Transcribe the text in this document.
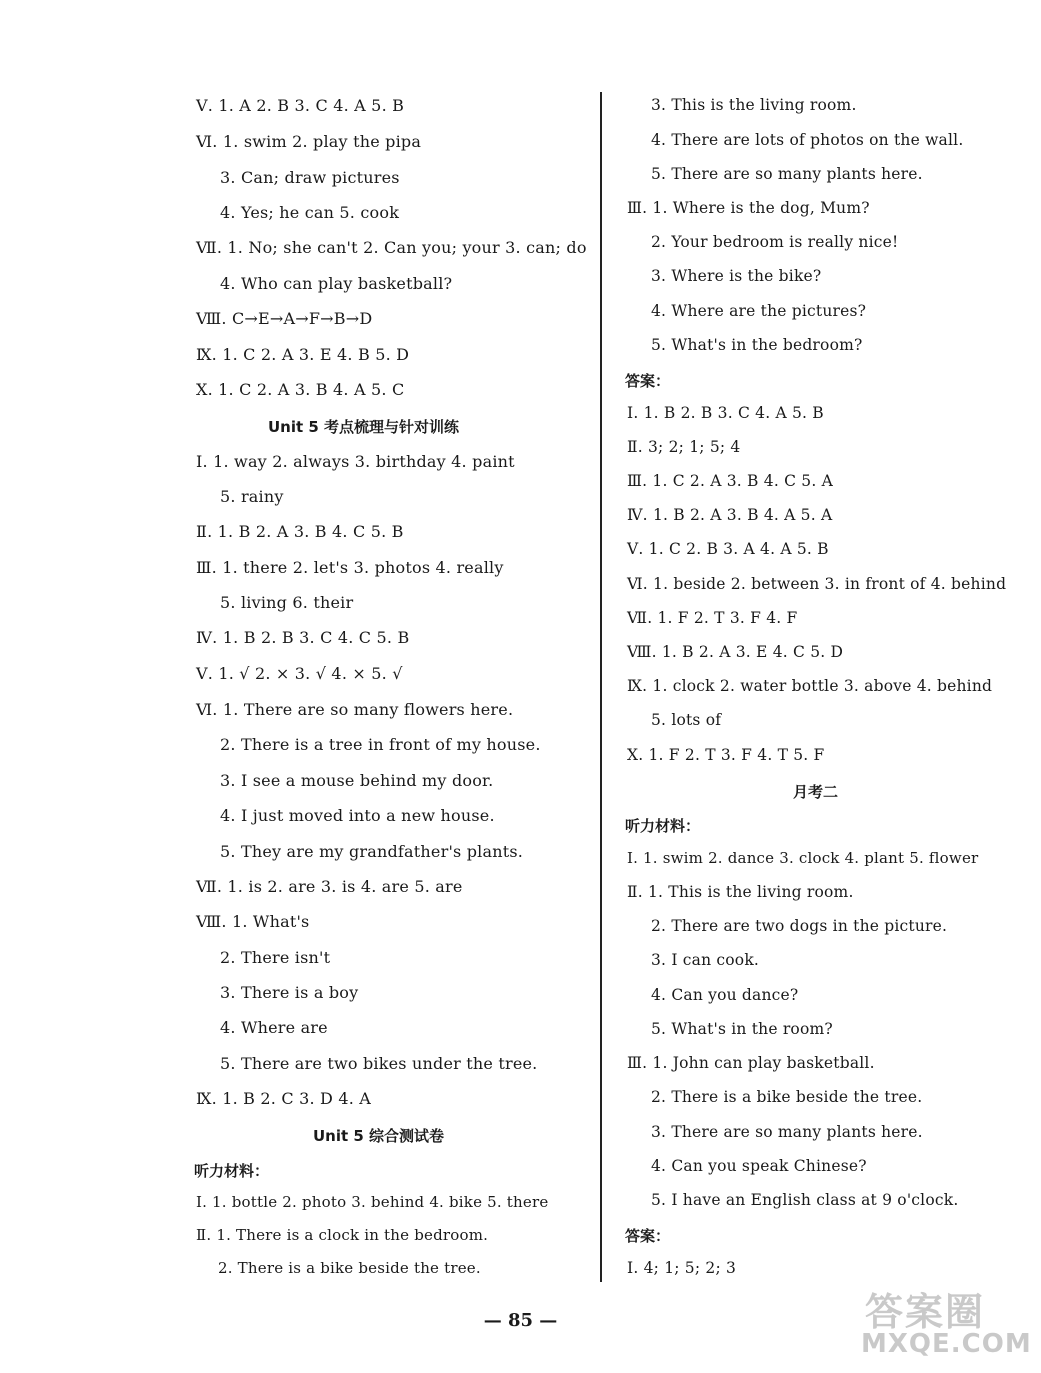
Ⅴ. 1. A 2. B 3. C 4. A 5. B
Ⅵ. 1. swim 2. play the pipa
3. Can; draw pictures
4. Yes; he can 5. cook
Ⅶ. 1. No; she can't 2. Can you; your 3. can; do
4. Who can play basketball?
Ⅷ. C→E→A→F→B→D
Ⅸ. 1. C 2. A 3. E 4. B 5. D
Ⅹ. 1. C 2. A 3. B 4. A 5. C
Unit 5 考点梳理与针对训练
Ⅰ. 1. way 2. always 3. birthday 4. paint
5. rainy
Ⅱ. 1. B 2. A 3. B 4. C 5. B
Ⅲ. 1. there 2. let's 3. photos 4. really
5. living 6. their
Ⅳ. 1. B 2. B 3. C 4. C 5. B
Ⅴ. 1. √ 2. × 3. √ 4. × 5. √
Ⅵ. 1. There are so many flowers here.
2. There is a tree in front of my house.
3. I see a mouse behind my door.
4. I just moved into a new house.
5. They are my grandfather's plants.
Ⅶ. 1. is 2. are 3. is 4. are 5. are
Ⅷ. 1. What's
2. There isn't
3. There is a boy
4. Where are
5. There are two bikes under the tree.
Ⅸ. 1. B 2. C 3. D 4. A
Unit 5 综合测试卷
听力材料：
Ⅰ. 1. bottle 2. photo 3. behind 4. bike 5. there
Ⅱ. 1. There is a clock in the bedroom.
2. There is a bike beside the tree.
3. This is the living room.
4. There are lots of photos on the wall.
5. There are so many plants here.
Ⅲ. 1. Where is the dog, Mum?
2. Your bedroom is really nice!
3. Where is the bike?
4. Where are the pictures?
5. What's in the bedroom?
答案：
Ⅰ. 1. B 2. B 3. C 4. A 5. B
Ⅱ. 3; 2; 1; 5; 4
Ⅲ. 1. C 2. A 3. B 4. C 5. A
Ⅳ. 1. B 2. A 3. B 4. A 5. A
Ⅴ. 1. C 2. B 3. A 4. A 5. B
Ⅵ. 1. beside 2. between 3. in front of 4. behind
Ⅶ. 1. F 2. T 3. F 4. F
Ⅷ. 1. B 2. A 3. E 4. C 5. D
Ⅸ. 1. clock 2. water bottle 3. above 4. behind
5. lots of
Ⅹ. 1. F 2. T 3. F 4. T 5. F
月考二
听力材料：
Ⅰ. 1. swim 2. dance 3. clock 4. plant 5. flower
Ⅱ. 1. This is the living room.
2. There are two dogs in the picture.
3. I can cook.
4. Can you dance?
5. What's in the room?
Ⅲ. 1. John can play basketball.
2. There is a bike beside the tree.
3. There are so many plants here.
4. Can you speak Chinese?
5. I have an English class at 9 o'clock.
答案：
Ⅰ. 4; 1; 5; 2; 3
— 85 —	答案圈
MXQE.COM
